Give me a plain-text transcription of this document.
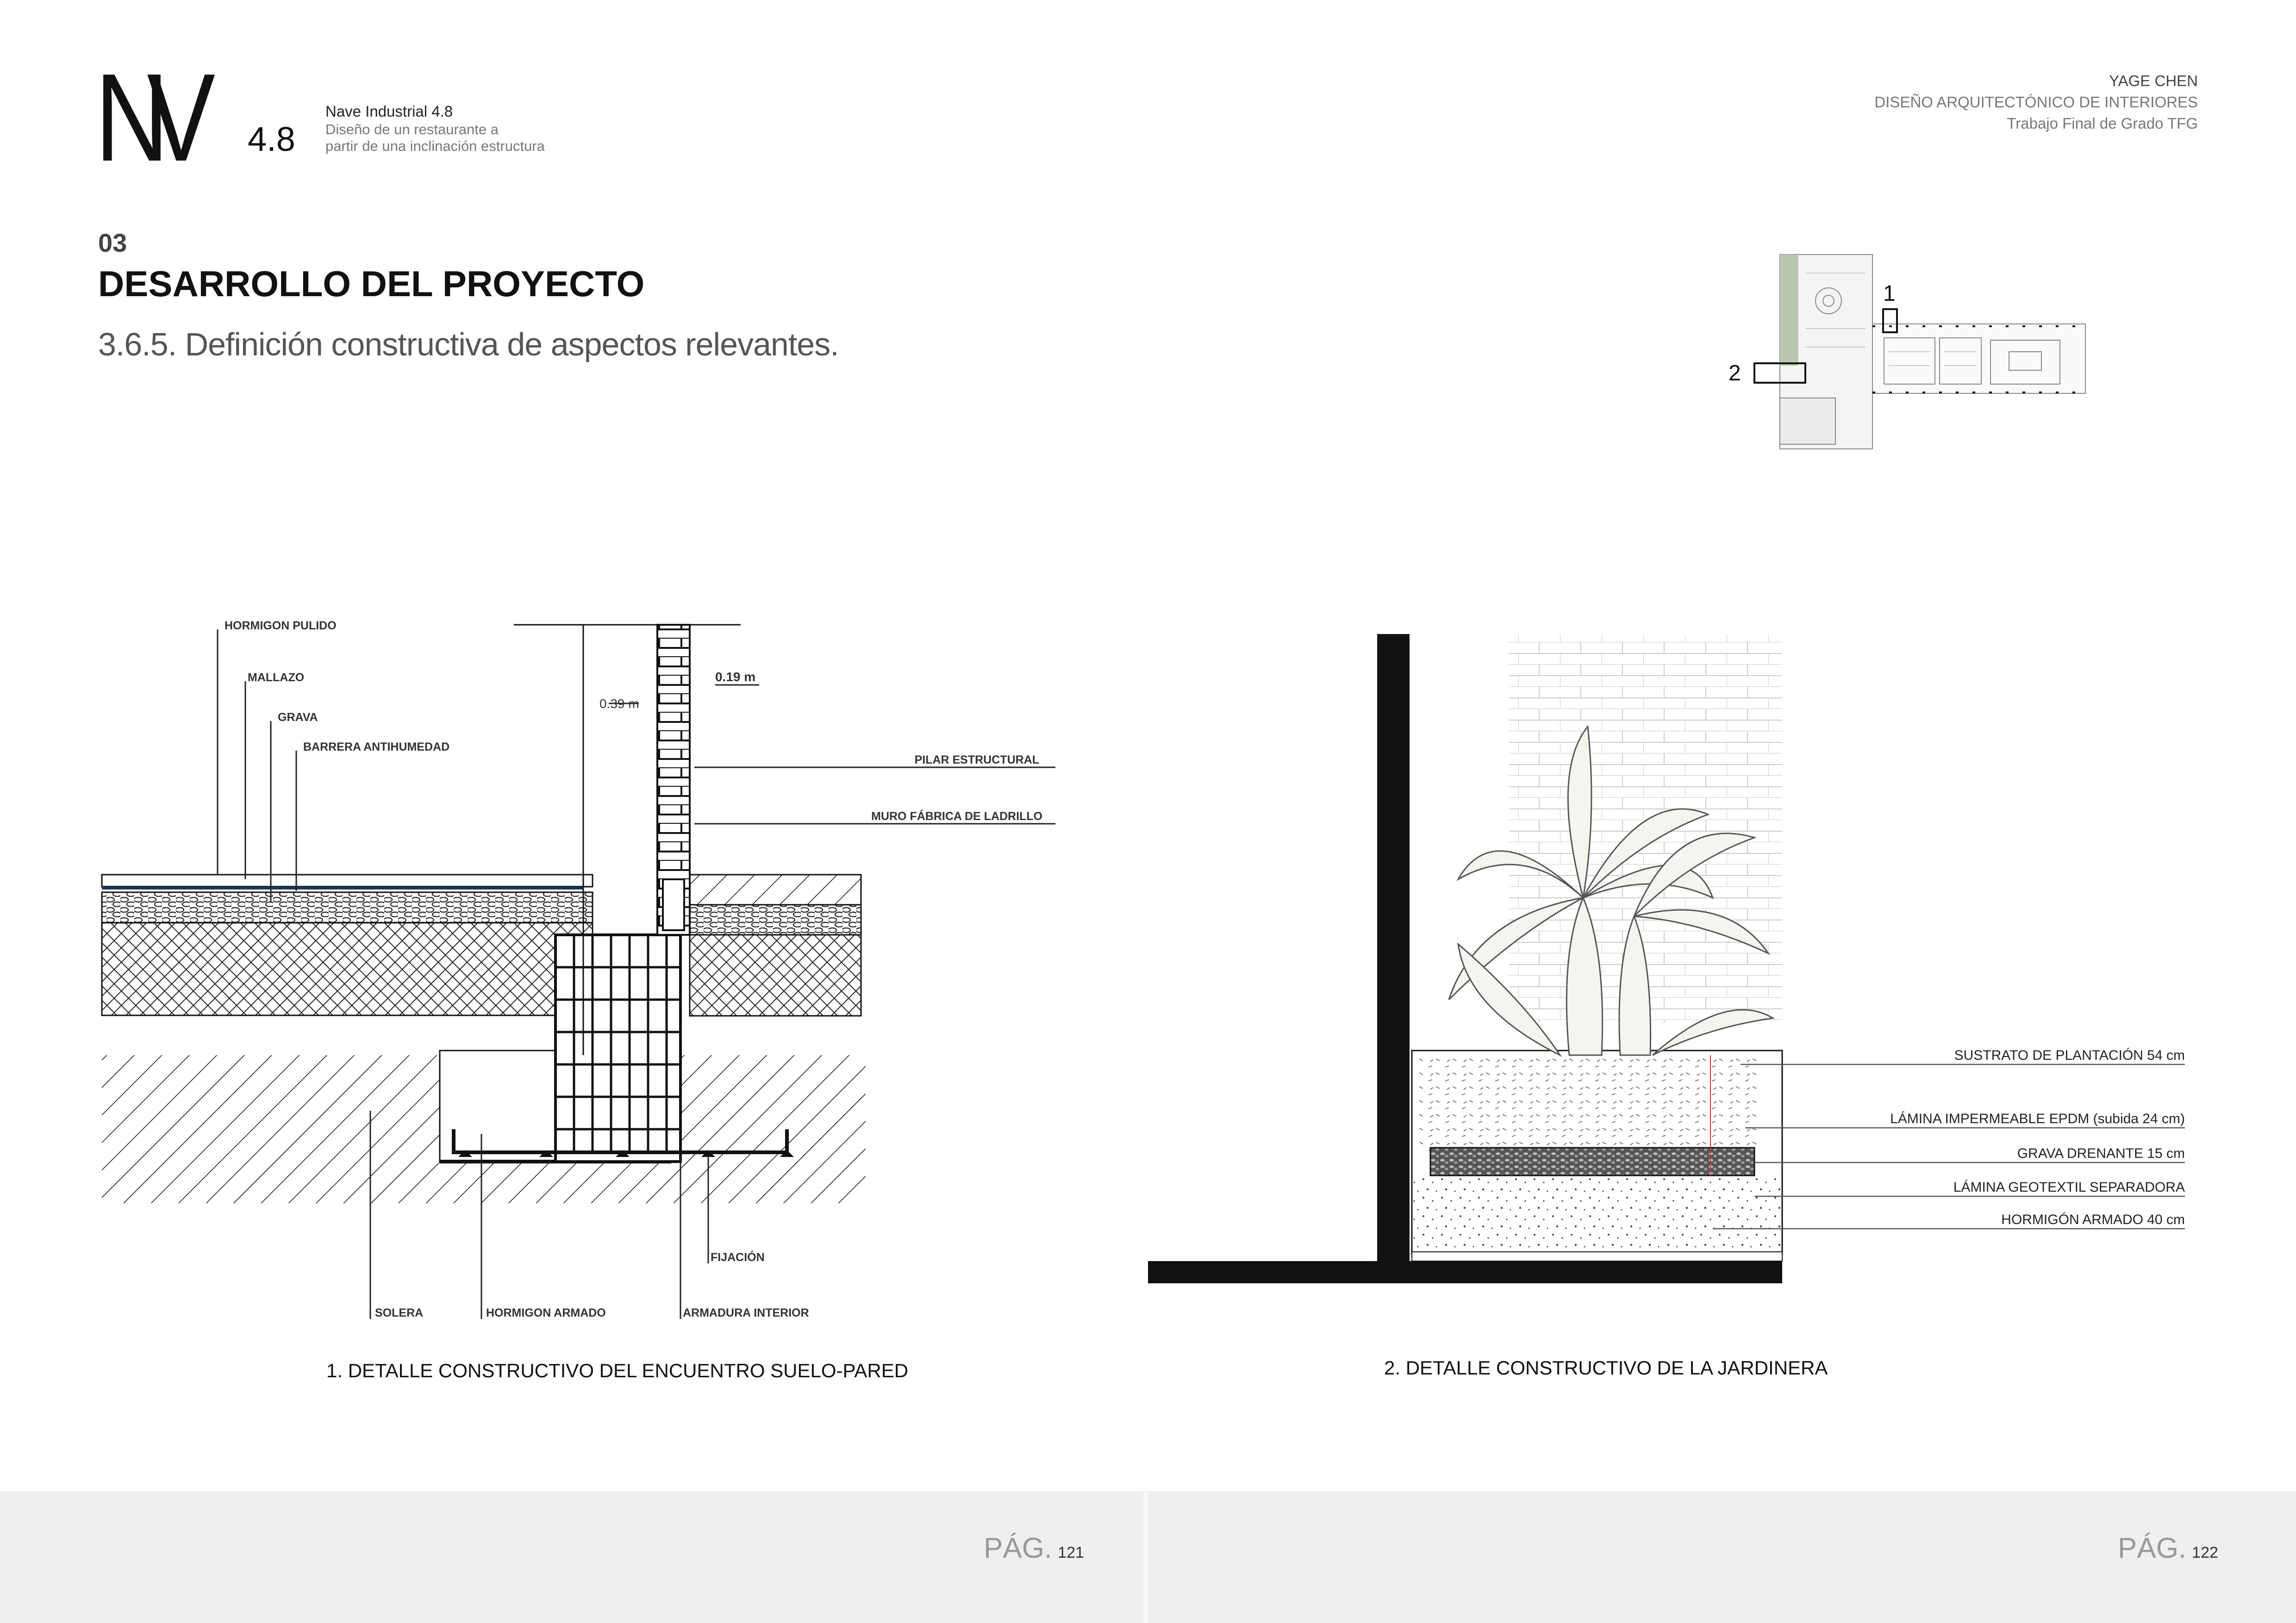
NV 4.8
Nave Industrial 4.8
Diseño de un restaurante a
partir de una inclinación estructura
YAGE CHEN
DISEÑO ARQUITECTÓNICO DE INTERIORES
Trabajo Final de Grado TFG
03
DESARROLLO DEL PROYECTO
3.6.5. Definición constructiva de aspectos relevantes.
1
2
HORMIGON PULIDO
MALLAZO
GRAVA
BARRERA ANTIHUMEDAD
0.39 m
0.19 m
PILAR ESTRUCTURAL
MURO FÁBRICA DE LADRILLO
FIJACIÓN
SOLERA	HORMIGON ARMADO	ARMADURA INTERIOR
1. DETALLE CONSTRUCTIVO DEL ENCUENTRO SUELO-PARED
SUSTRATO DE PLANTACIÓN 54 cm
LÁMINA IMPERMEABLE EPDM (subida 24 cm)
GRAVA DRENANTE 15 cm
LÁMINA GEOTEXTIL SEPARADORA
HORMIGÓN ARMADO 40 cm
2. DETALLE CONSTRUCTIVO DE LA JARDINERA
PÁG. 121	PÁG. 122
